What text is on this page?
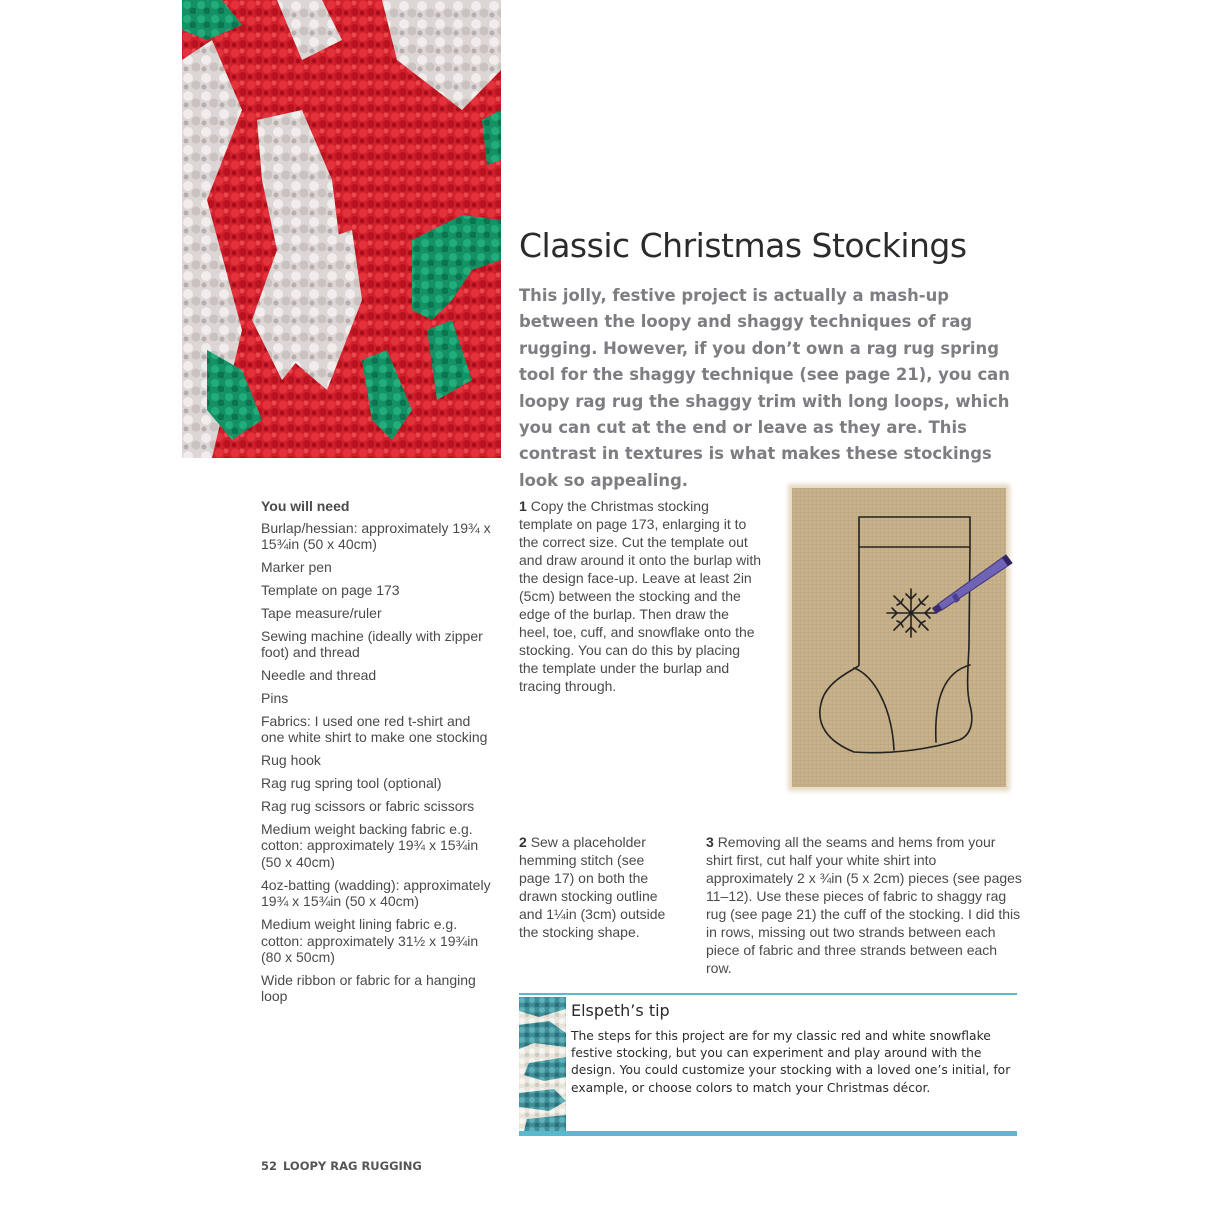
Classic Christmas Stockings

This jolly, festive project is actually a mash-up between the loopy and shaggy techniques of rag rugging. However, if you don’t own a rag rug spring tool for the shaggy technique (see page 21), you can loopy rag rug the shaggy trim with long loops, which you can cut at the end or leave as they are. This contrast in textures is what makes these stockings look so appealing.

You will need
Burlap/hessian: approximately 19¾ x 15¾in (50 x 40cm)
Marker pen
Template on page 173
Tape measure/ruler
Sewing machine (ideally with zipper foot) and thread
Needle and thread
Pins
Fabrics: I used one red t-shirt and one white shirt to make one stocking
Rug hook
Rag rug spring tool (optional)
Rag rug scissors or fabric scissors
Medium weight backing fabric e.g. cotton: approximately 19¾ x 15¾in (50 x 40cm)
4oz-batting (wadding): approximately 19¾ x 15¾in (50 x 40cm)
Medium weight lining fabric e.g. cotton: approximately 31½ x 19¾in (80 x 50cm)
Wide ribbon or fabric for a hanging loop

1 Copy the Christmas stocking template on page 173, enlarging it to the correct size. Cut the template out and draw around it onto the burlap with the design face-up. Leave at least 2in (5cm) between the stocking and the edge of the burlap. Then draw the heel, toe, cuff, and snowflake onto the stocking. You can do this by placing the template under the burlap and tracing through.

2 Sew a placeholder hemming stitch (see page 17) on both the drawn stocking outline and 1¼in (3cm) outside the stocking shape.

3 Removing all the seams and hems from your shirt first, cut half your white shirt into approximately 2 x ¾in (5 x 2cm) pieces (see pages 11–12). Use these pieces of fabric to shaggy rag rug (see page 21) the cuff of the stocking. I did this in rows, missing out two strands between each piece of fabric and three strands between each row.

Elspeth’s tip

The steps for this project are for my classic red and white snowflake festive stocking, but you can experiment and play around with the design. You could customize your stocking with a loved one’s initial, for example, or choose colors to match your Christmas décor.

52 LOOPY RAG RUGGING
